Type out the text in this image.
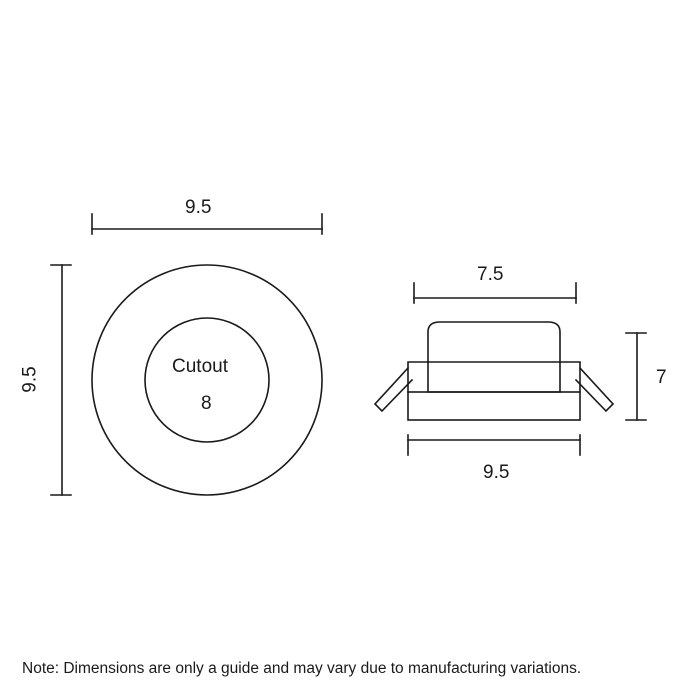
9.5
9.5	Cutout
8
7.5
7
9.5
Note: Dimensions are only a guide and may vary due to manufacturing variations.
